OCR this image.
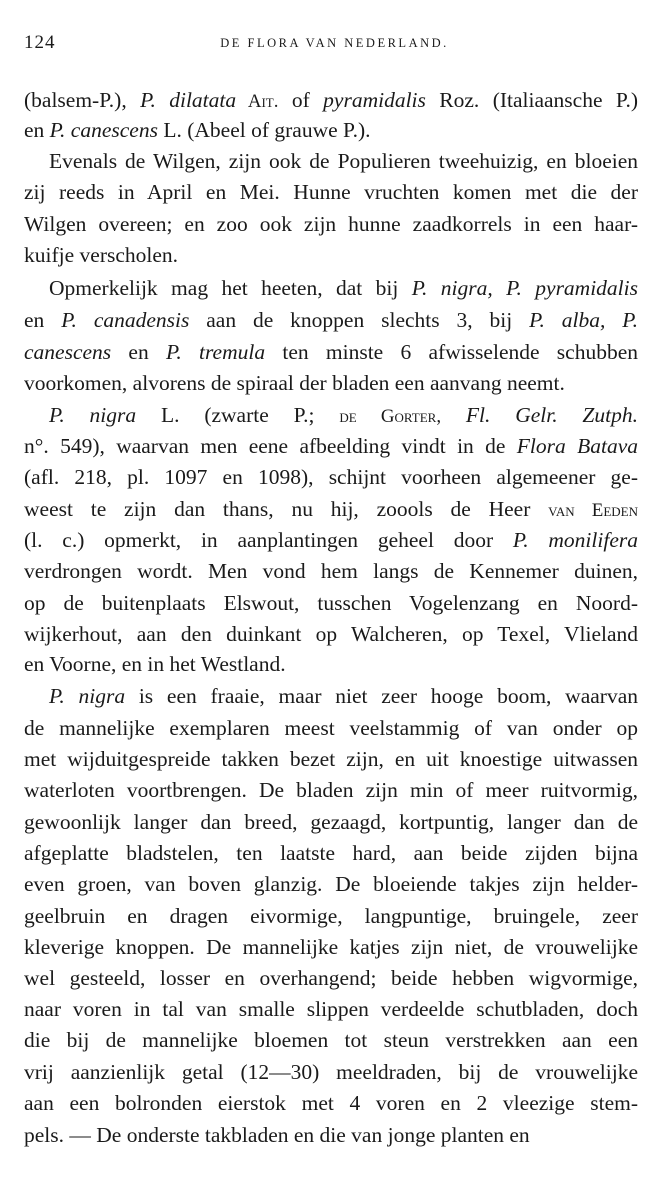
124	DE FLORA VAN NEDERLAND.
(balsem-P.), P. dilatata Ait. of pyramidalis Roz. (Italiaansche P.)
en P. canescens L. (Abeel of grauwe P.).
Evenals de Wilgen, zijn ook de Populieren tweehuizig, en bloeien
zij reeds in April en Mei. Hunne vruchten komen met die der
Wilgen overeen; en zoo ook zijn hunne zaadkorrels in een haar-
kuifje verscholen.
Opmerkelijk mag het heeten, dat bij P. nigra, P. pyramidalis
en P. canadensis aan de knoppen slechts 3, bij P. alba, P.
canescens en P. tremula ten minste 6 afwisselende schubben
voorkomen, alvorens de spiraal der bladen een aanvang neemt.
P. nigra L. (zwarte P.; de Gorter, Fl. Gelr. Zutph.
n°. 549), waarvan men eene afbeelding vindt in de Flora Batava
(afl. 218, pl. 1097 en 1098), schijnt voorheen algemeener ge-
weest te zijn dan thans, nu hij, zoools de Heer van Eeden
(l. c.) opmerkt, in aanplantingen geheel door P. monilifera
verdrongen wordt. Men vond hem langs de Kennemer duinen,
op de buitenplaats Elswout, tusschen Vogelenzang en Noord-
wijkerhout, aan den duinkant op Walcheren, op Texel, Vlieland
en Voorne, en in het Westland.
P. nigra is een fraaie, maar niet zeer hooge boom, waarvan
de mannelijke exemplaren meest veelstammig of van onder op
met wijduitgespreide takken bezet zijn, en uit knoestige uitwassen
waterloten voortbrengen. De bladen zijn min of meer ruitvormig,
gewoonlijk langer dan breed, gezaagd, kortpuntig, langer dan de
afgeplatte bladstelen, ten laatste hard, aan beide zijden bijna
even groen, van boven glanzig. De bloeiende takjes zijn helder-
geelbruin en dragen eivormige, langpuntige, bruingele, zeer
kleverige knoppen. De mannelijke katjes zijn niet, de vrouwelijke
wel gesteeld, losser en overhangend; beide hebben wigvormige,
naar voren in tal van smalle slippen verdeelde schutbladen, doch
die bij de mannelijke bloemen tot steun verstrekken aan een
vrij aanzienlijk getal (12—30) meeldraden, bij de vrouwelijke
aan een bolronden eierstok met 4 voren en 2 vleezige stem-
pels. — De onderste takbladen en die van jonge planten en
